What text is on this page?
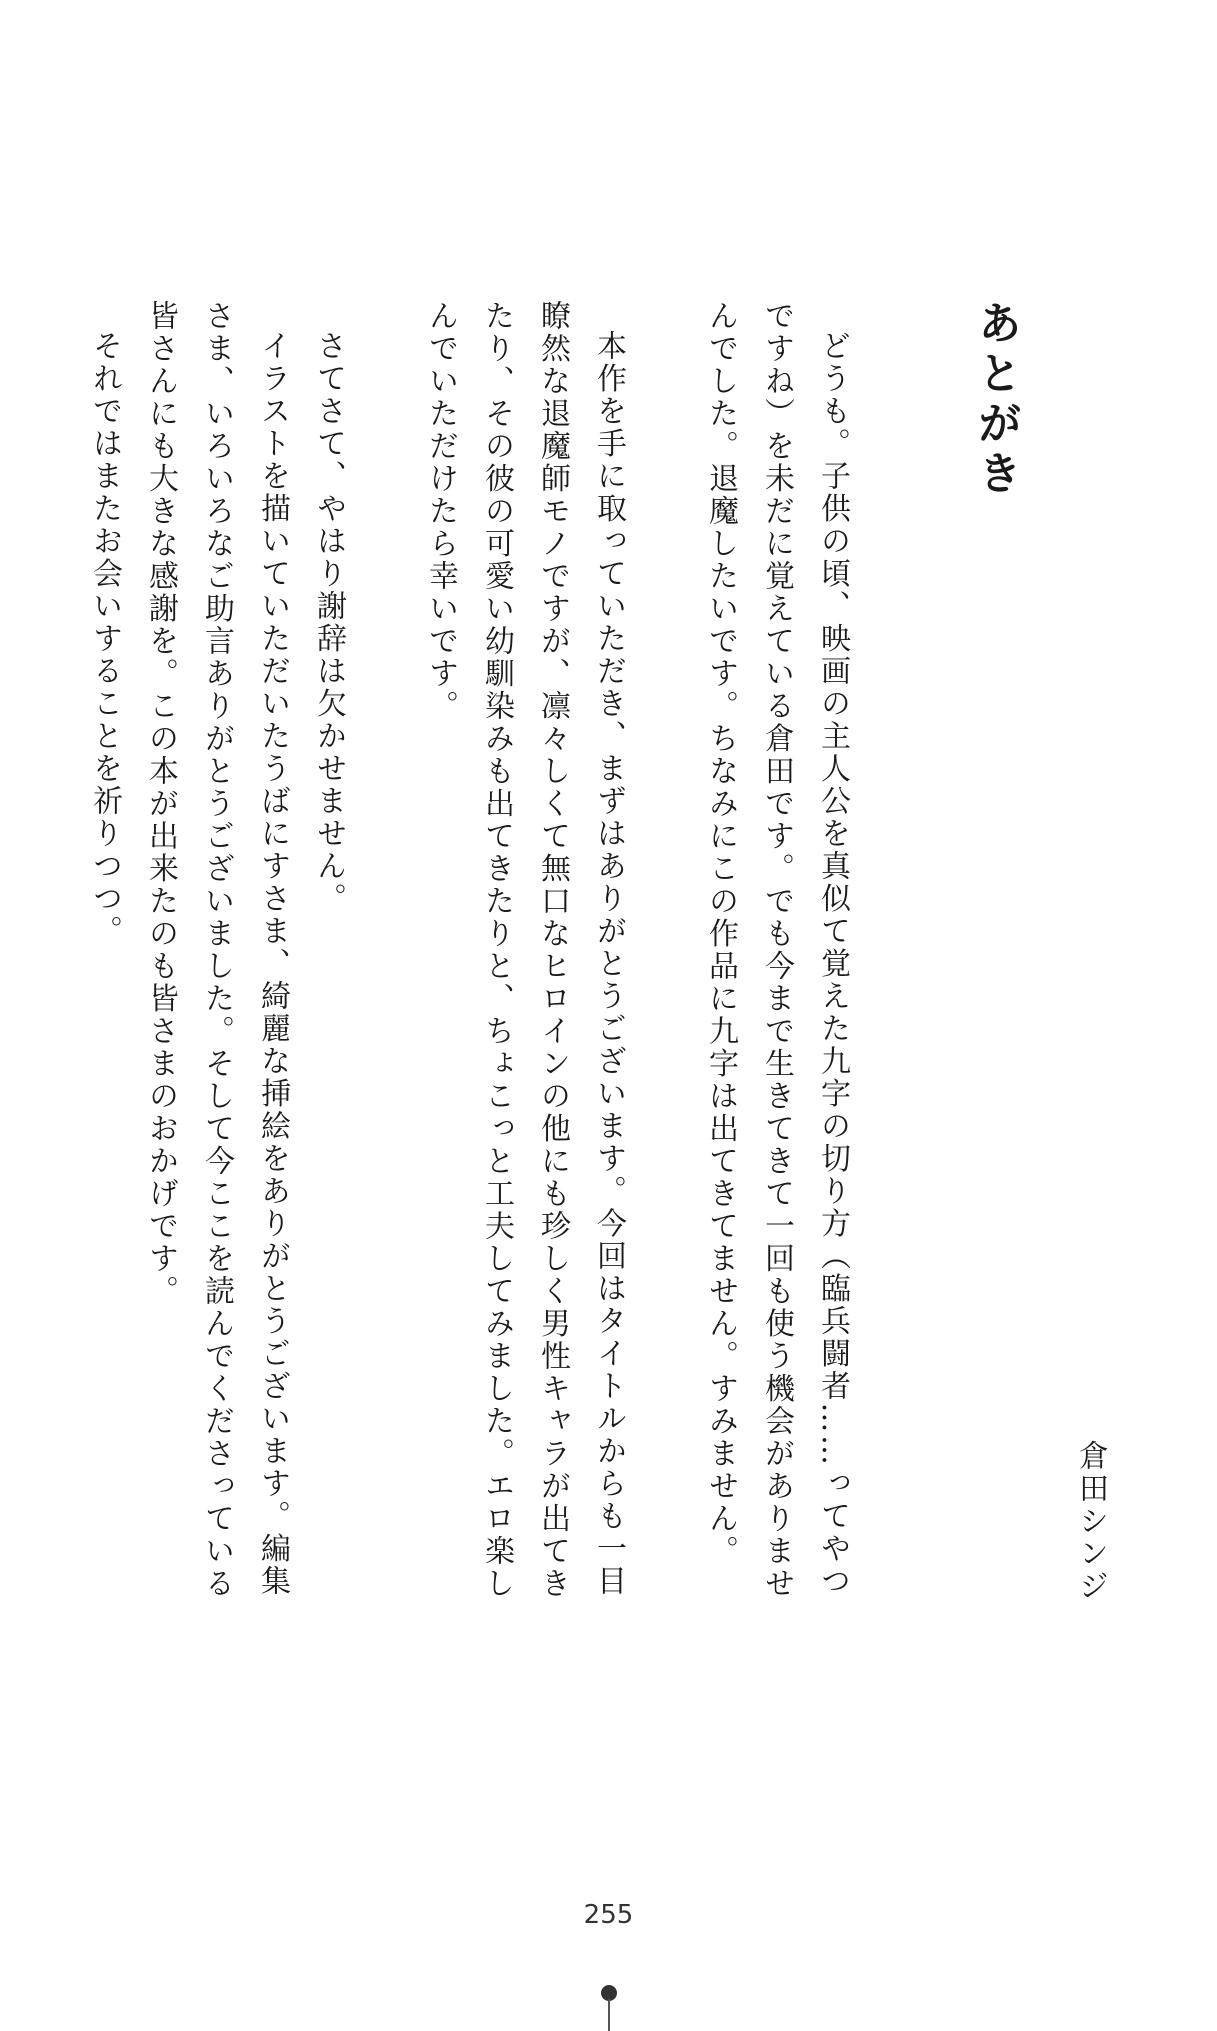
あとがき
どうも。子供の頃、映画の主人公を真似て覚えた九字の切り方（臨兵闘者……ってやつ
ですね）を未だに覚えている倉田です。でも今まで生きてきて一回も使う機会がありませ
んでした。退魔したいです。ちなみにこの作品に九字は出てきてません。すみません。
本作を手に取っていただき、まずはありがとうございます。今回はタイトルからも一目
瞭然な退魔師モノですが、凛々しくて無口なヒロインの他にも珍しく男性キャラが出てき
たり、その彼の可愛い幼馴染みも出てきたりと、ちょこっと工夫してみました。エロ楽し
んでいただけたら幸いです。
さてさて、やはり謝辞は欠かせません。
イラストを描いていただいたうばにすさま、綺麗な挿絵をありがとうございます。編集
さま、いろいろなご助言ありがとうございました。そして今ここを読んでくださっている
皆さんにも大きな感謝を。この本が出来たのも皆さまのおかげです。
それではまたお会いすることを祈りつつ。
倉田シンジ
255
